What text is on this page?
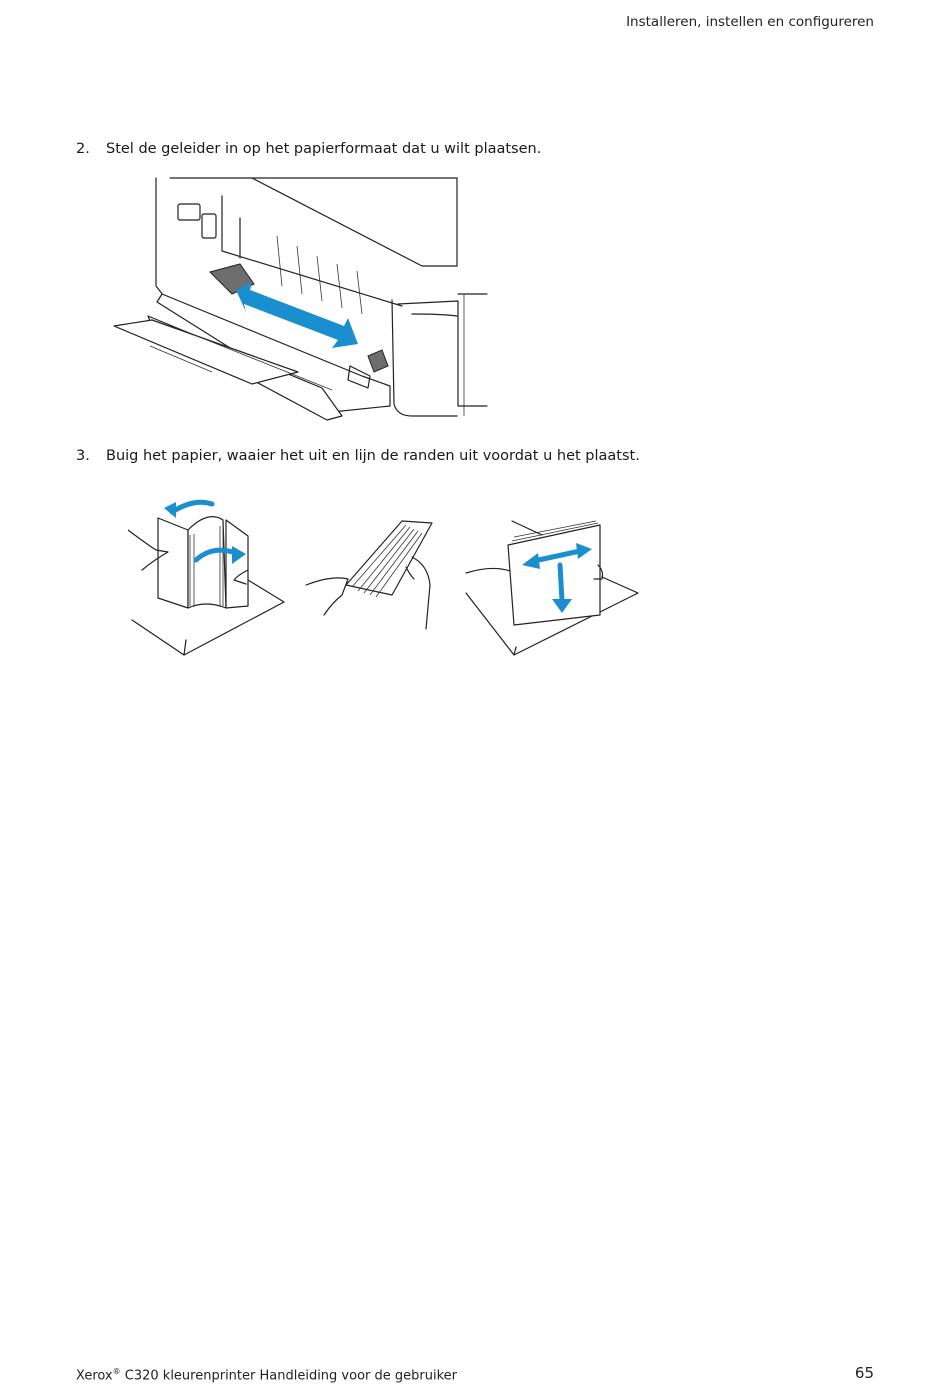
Installeren, instellen en configureren
2. Stel de geleider in op het papierformaat dat u wilt plaatsen.
3. Buig het papier, waaier het uit en lijn de randen uit voordat u het plaatst.
Xerox® C320 kleurenprinter Handleiding voor de gebruiker	65
